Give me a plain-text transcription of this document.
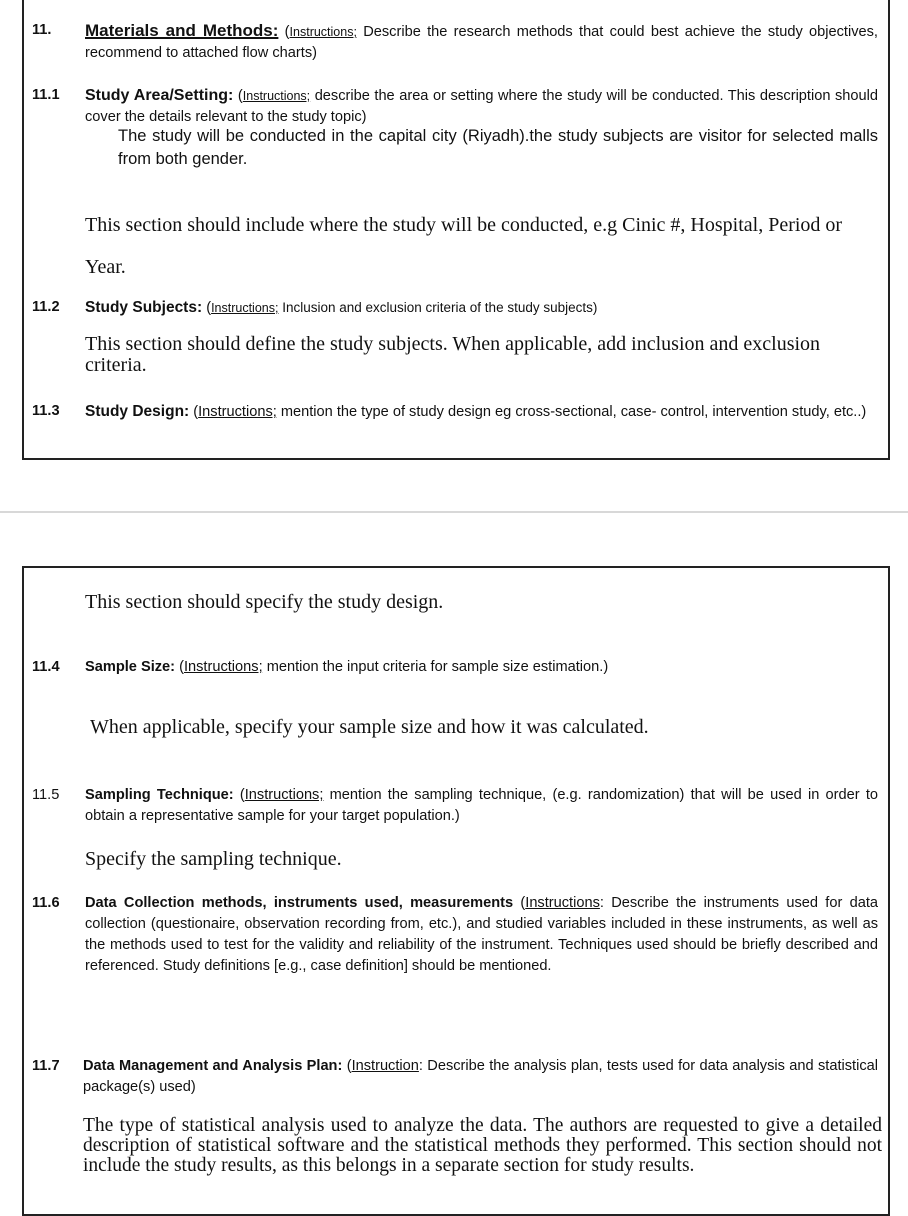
11. Materials and Methods: (Instructions; Describe the research methods that could best achieve the study objectives, recommend to attached flow charts)
11.1 Study Area/Setting: (Instructions; describe the area or setting where the study will be conducted. This description should cover the details relevant to the study topic)
The study will be conducted in the capital city (Riyadh).the study subjects are visitor for selected malls from both gender.
This section should include where the study will be conducted, e.g Cinic #, Hospital, Period or Year.
11.2 Study Subjects: (Instructions; Inclusion and exclusion criteria of the study subjects)
This section should define the study subjects. When applicable, add inclusion and exclusion criteria.
11.3 Study Design: (Instructions; mention the type of study design eg cross-sectional, case- control, intervention study, etc..)
This section should specify the study design.
11.4 Sample Size: (Instructions; mention the input criteria for sample size estimation.)
When applicable, specify your sample size and how it was calculated.
11.5 Sampling Technique: (Instructions; mention the sampling technique, (e.g. randomization) that will be used in order to obtain a representative sample for your target population.)
Specify the sampling technique.
11.6 Data Collection methods, instruments used, measurements (Instructions: Describe the instruments used for data collection (questionaire, observation recording from, etc.), and studied variables included in these instruments, as well as the methods used to test for the validity and reliability of the instrument. Techniques used should be briefly described and referenced. Study definitions [e.g., case definition] should be mentioned.
11.7 Data Management and Analysis Plan: (Instruction: Describe the analysis plan, tests used for data analysis and statistical package(s) used)
The type of statistical analysis used to analyze the data. The authors are requested to give a detailed description of statistical software and the statistical methods they performed. This section should not include the study results, as this belongs in a separate section for study results.
